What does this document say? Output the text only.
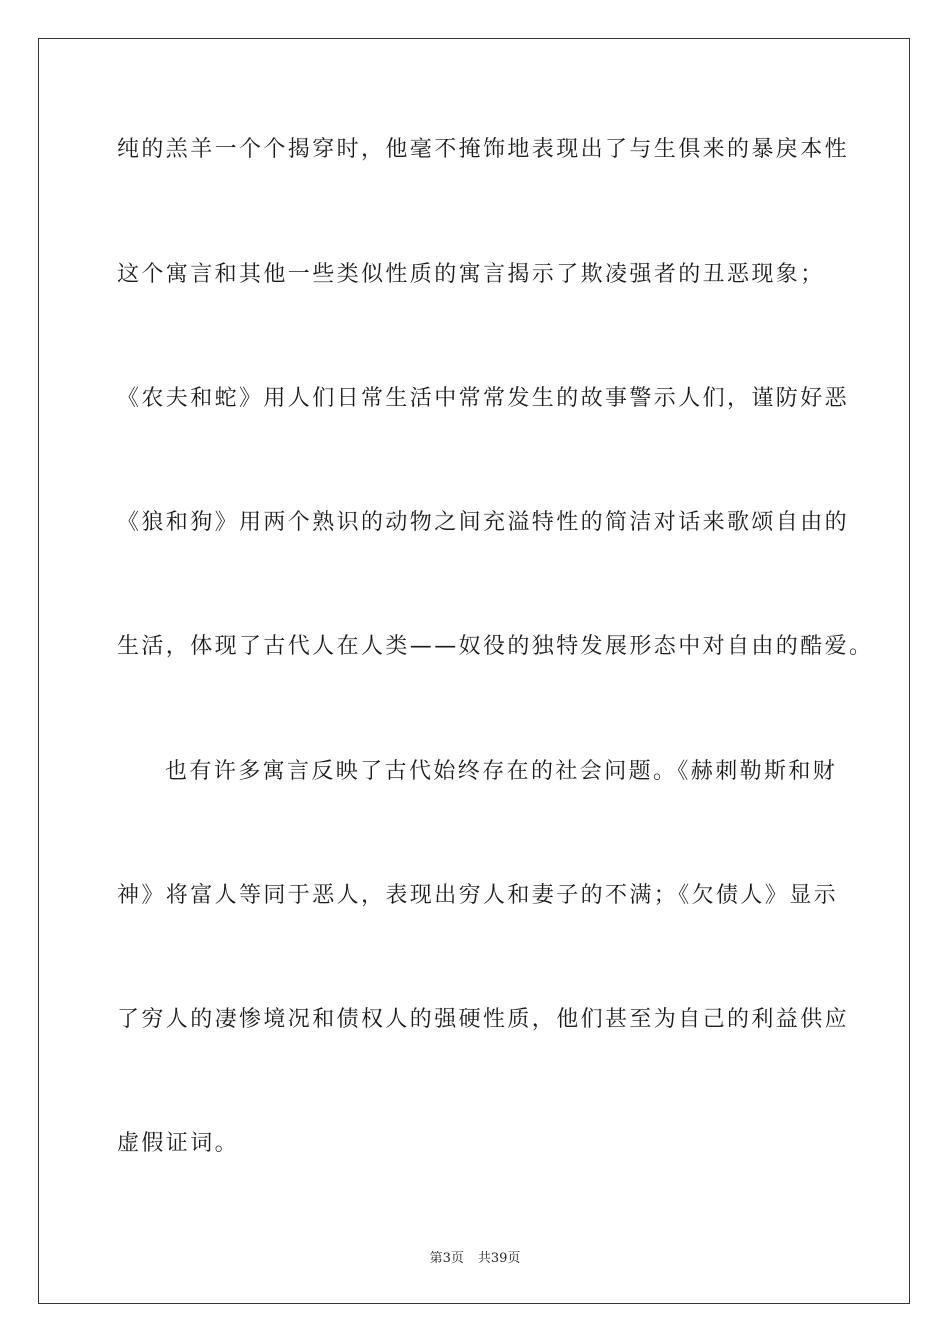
纯的羔羊一个个揭穿时，他毫不掩饰地表现出了与生俱来的暴戾本性
这个寓言和其他一些类似性质的寓言揭示了欺凌强者的丑恶现象；
《农夫和蛇》用人们日常生活中常常发生的故事警示人们，谨防好恶
《狼和狗》用两个熟识的动物之间充溢特性的简洁对话来歌颂自由的
生活，体现了古代人在人类——奴役的独特发展形态中对自由的酷爱。
也有许多寓言反映了古代始终存在的社会问题。《赫刺勒斯和财
神》将富人等同于恶人，表现出穷人和妻子的不满；《欠债人》显示
了穷人的凄惨境况和债权人的强硬性质，他们甚至为自己的利益供应
虚假证词。
第3页 共39页
